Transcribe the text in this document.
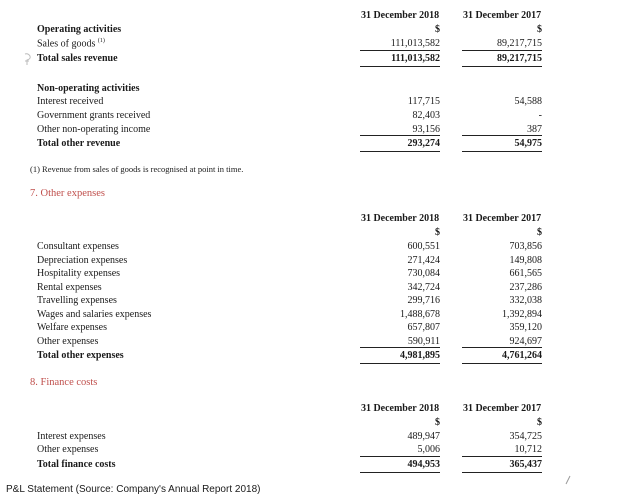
31 December 2018	31 December 2017
$	$
Operating activities
Sales of goods $^{(1)}$	111,013,582	89,217,715
Total sales revenue	111,013,582	89,217,715
Non-operating activities
Interest received	117,715	54,588
Government grants received	82,403	-
Other non-operating income	93,156	387
Total other revenue	293,274	54,975
(1) Revenue from sales of goods is recognised at point in time.
7. Other expenses
31 December 2018	31 December 2017
$	$
Consultant expenses	600,551	703,856
Depreciation expenses	271,424	149,808
Hospitality expenses	730,084	661,565
Rental expenses	342,724	237,286
Travelling expenses	299,716	332,038
Wages and salaries expenses	1,488,678	1,392,894
Welfare expenses	657,807	359,120
Other expenses	590,911	924,697
Total other expenses	4,981,895	4,761,264
8. Finance costs
31 December 2018	31 December 2017
$	$
Interest expenses	489,947	354,725
Other expenses	5,006	10,712
Total finance costs	494,953	365,437
P&L Statement (Source: Company's Annual Report 2018)
